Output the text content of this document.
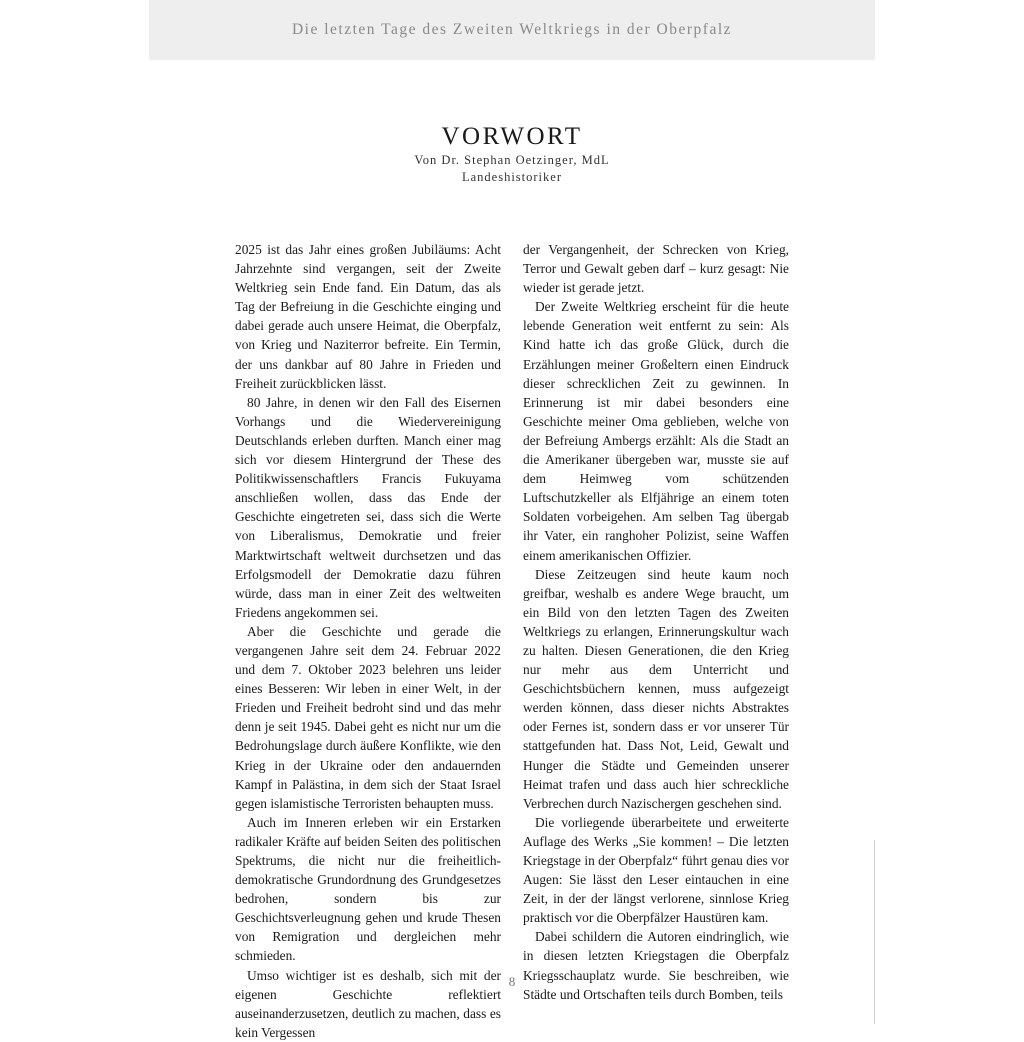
Die letzten Tage des Zweiten Weltkriegs in der Oberpfalz
VORWORT
Von Dr. Stephan Oetzinger, MdL
Landeshistoriker

2025 ist das Jahr eines großen Jubiläums: Acht Jahrzehnte sind vergangen, seit der Zweite Weltkrieg sein Ende fand. Ein Datum, das als Tag der Befreiung in die Geschichte einging und dabei gerade auch unsere Heimat, die Oberpfalz, von Krieg und Naziterror befreite. Ein Termin, der uns dankbar auf 80 Jahre in Frieden und Freiheit zurückblicken lässt.

80 Jahre, in denen wir den Fall des Eisernen Vorhangs und die Wiedervereinigung Deutschlands erleben durften. Manch einer mag sich vor diesem Hintergrund der These des Politikwissenschaftlers Francis Fukuyama anschließen wollen, dass das Ende der Geschichte eingetreten sei, dass sich die Werte von Liberalismus, Demokratie und freier Marktwirtschaft weltweit durchsetzen und das Erfolgsmodell der Demokratie dazu führen würde, dass man in einer Zeit des weltweiten Friedens angekommen sei.

Aber die Geschichte und gerade die vergangenen Jahre seit dem 24. Februar 2022 und dem 7. Oktober 2023 belehren uns leider eines Besseren: Wir leben in einer Welt, in der Frieden und Freiheit bedroht sind und das mehr denn je seit 1945. Dabei geht es nicht nur um die Bedrohungslage durch äußere Konflikte, wie den Krieg in der Ukraine oder den andauernden Kampf in Palästina, in dem sich der Staat Israel gegen islamistische Terroristen behaupten muss.

Auch im Inneren erleben wir ein Erstarken radikaler Kräfte auf beiden Seiten des politischen Spektrums, die nicht nur die freiheitlich-demokratische Grundordnung des Grundgesetzes bedrohen, sondern bis zur Geschichtsverleugnung gehen und krude Thesen von Remigration und dergleichen mehr schmieden.

Umso wichtiger ist es deshalb, sich mit der eigenen Geschichte reflektiert auseinanderzusetzen, deutlich zu machen, dass es kein Vergessen

der Vergangenheit, der Schrecken von Krieg, Terror und Gewalt geben darf – kurz gesagt: Nie wieder ist gerade jetzt.

Der Zweite Weltkrieg erscheint für die heute lebende Generation weit entfernt zu sein: Als Kind hatte ich das große Glück, durch die Erzählungen meiner Großeltern einen Eindruck dieser schrecklichen Zeit zu gewinnen. In Erinnerung ist mir dabei besonders eine Geschichte meiner Oma geblieben, welche von der Befreiung Ambergs erzählt: Als die Stadt an die Amerikaner übergeben war, musste sie auf dem Heimweg vom schützenden Luftschutzkeller als Elfjährige an einem toten Soldaten vorbeigehen. Am selben Tag übergab ihr Vater, ein ranghoher Polizist, seine Waffen einem amerikanischen Offizier.

Diese Zeitzeugen sind heute kaum noch greifbar, weshalb es andere Wege braucht, um ein Bild von den letzten Tagen des Zweiten Weltkriegs zu erlangen, Erinnerungskultur wach zu halten. Diesen Generationen, die den Krieg nur mehr aus dem Unterricht und Geschichtsbüchern kennen, muss aufgezeigt werden können, dass dieser nichts Abstraktes oder Fernes ist, sondern dass er vor unserer Tür stattgefunden hat. Dass Not, Leid, Gewalt und Hunger die Städte und Gemeinden unserer Heimat trafen und dass auch hier schreckliche Verbrechen durch Nazischergen geschehen sind.

Die vorliegende überarbeitete und erweiterte Auflage des Werks „Sie kommen! – Die letzten Kriegstage in der Oberpfalz“ führt genau dies vor Augen: Sie lässt den Leser eintauchen in eine Zeit, in der der längst verlorene, sinnlose Krieg praktisch vor die Oberpfälzer Haustüren kam.

Dabei schildern die Autoren eindringlich, wie in diesen letzten Kriegstagen die Oberpfalz Kriegsschauplatz wurde. Sie beschreiben, wie Städte und Ortschaften teils durch Bomben, teils

8
